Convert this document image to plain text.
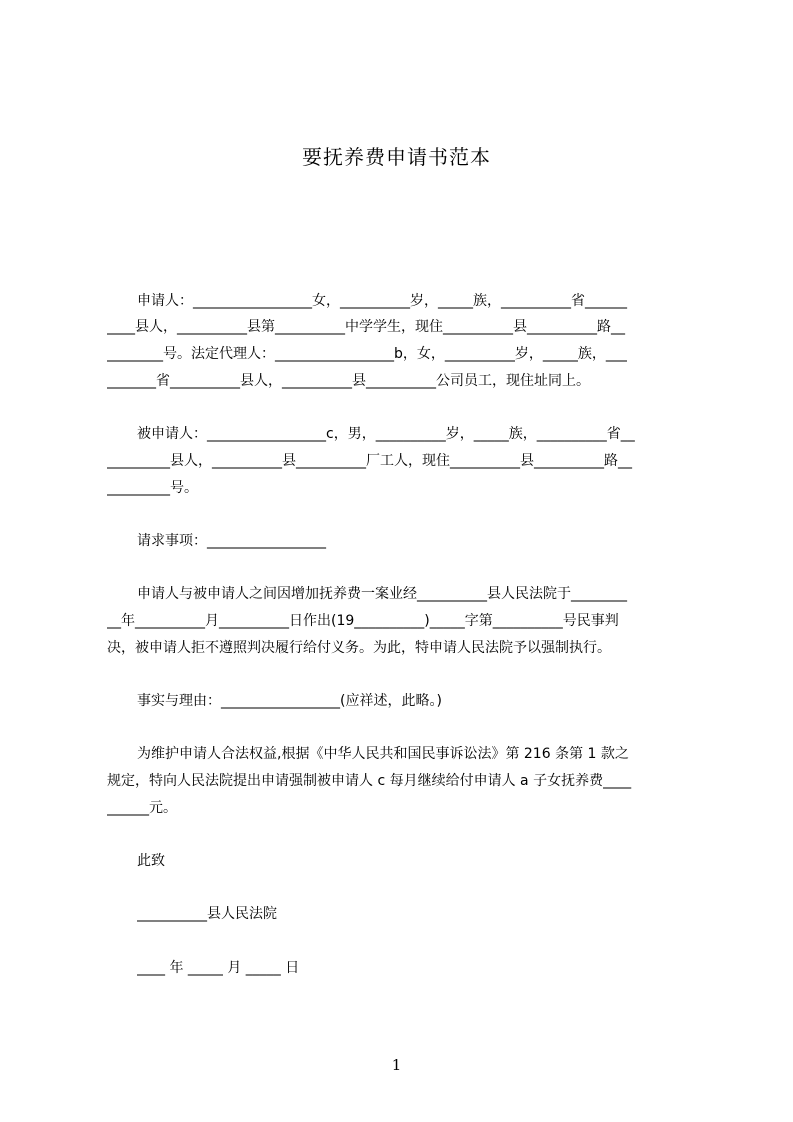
要抚养费申请书范本
申请人：_________________女，__________岁，_____族，__________省______
____县人，__________县第__________中学学生，现住__________县__________路__
________号。法定代理人：_________________b，女，__________岁，_____族，___
_______省__________县人，__________县__________公司员工，现住址同上。
被申请人：_________________c，男，__________岁，_____族，__________省__
_________县人，__________县__________厂工人，现住__________县__________路__
_________号。
请求事项：_________________
申请人与被申请人之间因增加抚养费一案业经__________县人民法院于________
__年__________月__________日作出(19__________)_____字第__________号民事判
决，被申请人拒不遵照判决履行给付义务。为此，特申请人民法院予以强制执行。
事实与理由：_________________(应祥述，此略。)
为维护申请人合法权益,根据《中华人民共和国民事诉讼法》第 216 条第 1 款之
规定，特向人民法院提出申请强制被申请人 c 每月继续给付申请人 a 子女抚养费____
______元。
此致
__________县人民法院
____ 年 _____ 月 _____ 日
1
